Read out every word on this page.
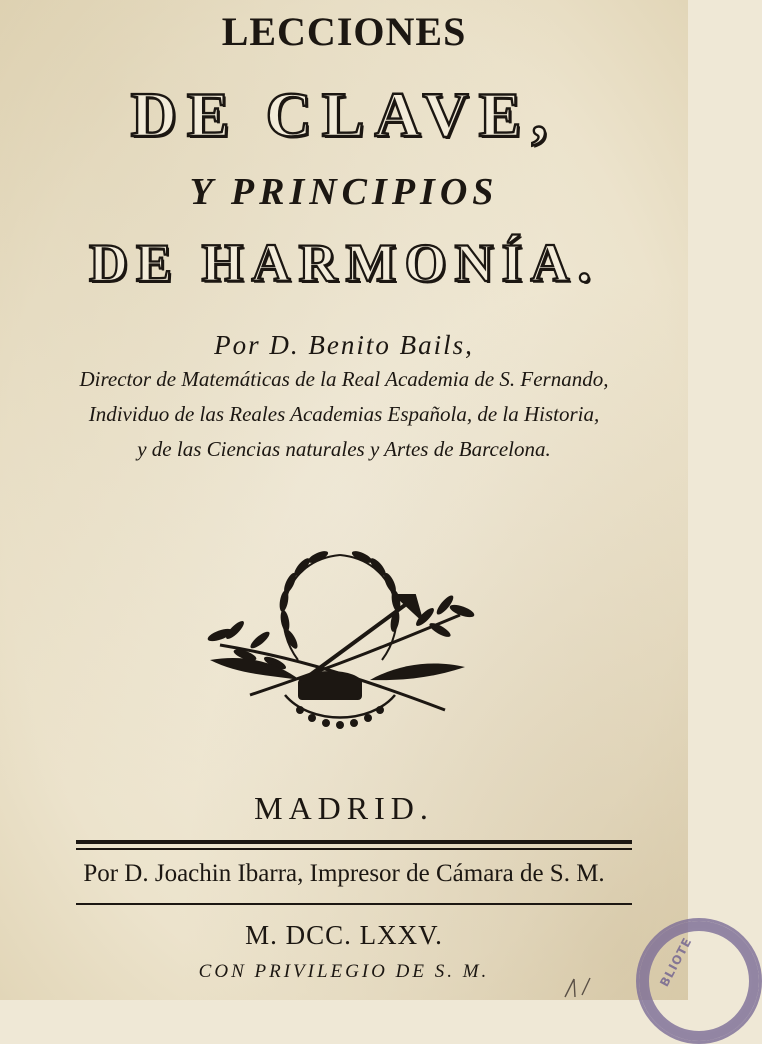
LECCIONES
DE CLAVE,
Y PRINCIPIOS
DE HARMONÍA.
Por D. Benito Bails,
Director de Matemáticas de la Real Academia de S. Fernando,
Individuo de las Reales Academias Española, de la Historia,
y de las Ciencias naturales y Artes de Barcelona.
MADRID.
Por D. Joachin Ibarra, Impresor de Cámara de S. M.
M. DCC. LXXV.
CON PRIVILEGIO DE S. M.	BLIOTE
